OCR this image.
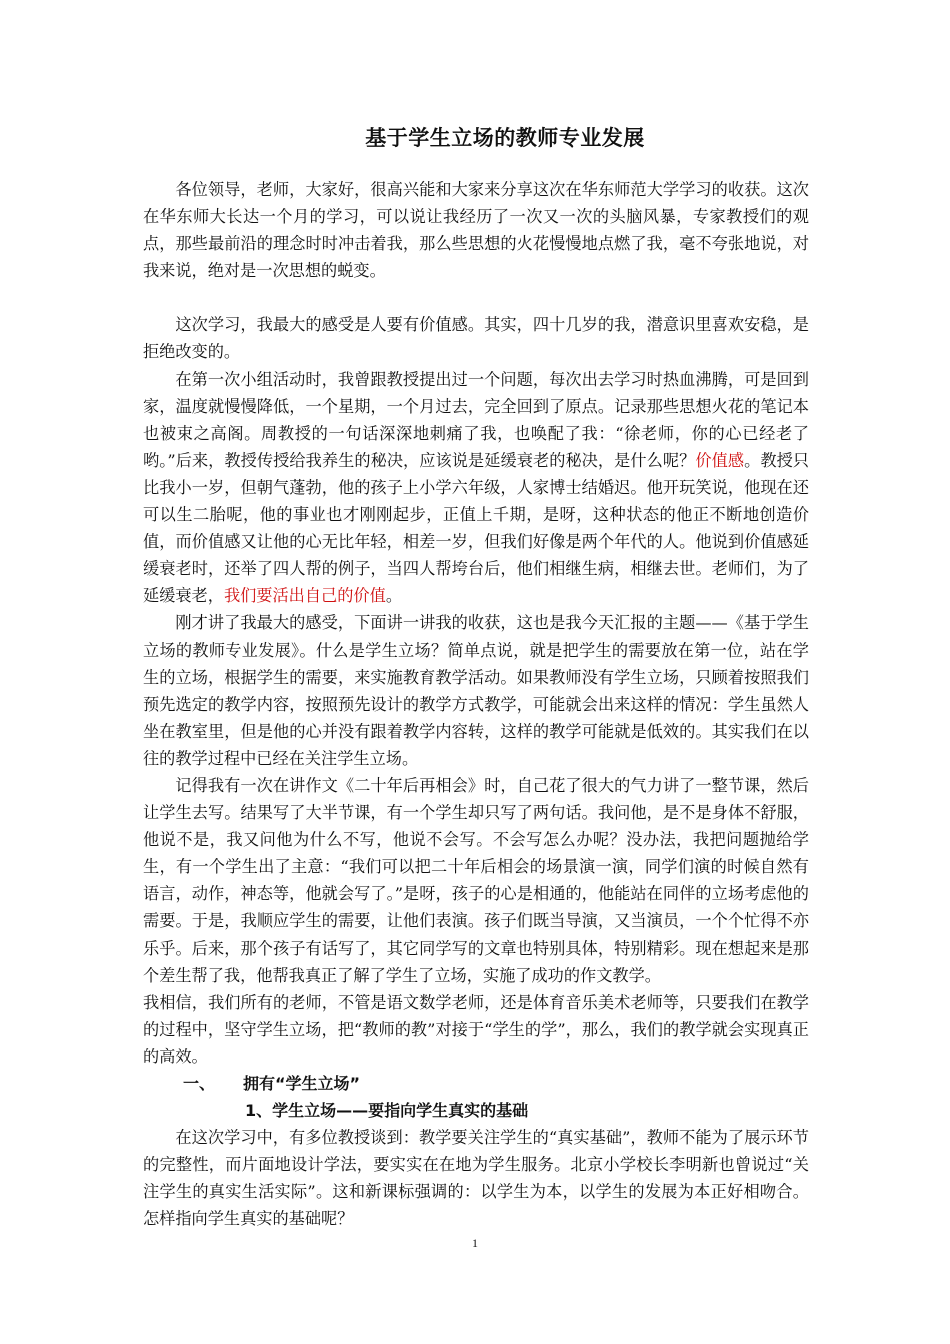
基于学生立场的教师专业发展

各位领导，老师，大家好，很高兴能和大家来分享这次在华东师范大学学习的收获。这次在华东师大长达一个月的学习，可以说让我经历了一次又一次的头脑风暴，专家教授们的观点，那些最前沿的理念时时冲击着我，那么些思想的火花慢慢地点燃了我，毫不夸张地说，对我来说，绝对是一次思想的蜕变。

这次学习，我最大的感受是人要有价值感。其实，四十几岁的我，潜意识里喜欢安稳，是拒绝改变的。

在第一次小组活动时，我曾跟教授提出过一个问题，每次出去学习时热血沸腾，可是回到家，温度就慢慢降低，一个星期，一个月过去，完全回到了原点。记录那些思想火花的笔记本也被束之高阁。周教授的一句话深深地刺痛了我，也唤配了我：“徐老师，你的心已经老了哟。”后来，教授传授给我养生的秘决，应该说是延缓衰老的秘决，是什么呢？价值感。教授只比我小一岁，但朝气蓬勃，他的孩子上小学六年级，人家博士结婚迟。他开玩笑说，他现在还可以生二胎呢，他的事业也才刚刚起步，正值上千期，是呀，这种状态的他正不断地创造价值，而价值感又让他的心无比年轻，相差一岁，但我们好像是两个年代的人。他说到价值感延缓衰老时，还举了四人帮的例子，当四人帮垮台后，他们相继生病，相继去世。老师们，为了延缓衰老，我们要活出自己的价值。

刚才讲了我最大的感受，下面讲一讲我的收获，这也是我今天汇报的主题——《基于学生立场的教师专业发展》。什么是学生立场？简单点说，就是把学生的需要放在第一位，站在学生的立场，根据学生的需要，来实施教育教学活动。如果教师没有学生立场，只顾着按照我们预先选定的教学内容，按照预先设计的教学方式教学，可能就会出来这样的情况：学生虽然人坐在教室里，但是他的心并没有跟着教学内容转，这样的教学可能就是低效的。其实我们在以往的教学过程中已经在关注学生立场。

记得我有一次在讲作文《二十年后再相会》时，自己花了很大的气力讲了一整节课，然后让学生去写。结果写了大半节课，有一个学生却只写了两句话。我问他，是不是身体不舒服，他说不是，我又问他为什么不写，他说不会写。不会写怎么办呢？没办法，我把问题抛给学生，有一个学生出了主意：“我们可以把二十年后相会的场景演一演，同学们演的时候自然有语言，动作，神态等，他就会写了。”是呀，孩子的心是相通的，他能站在同伴的立场考虑他的需要。于是，我顺应学生的需要，让他们表演。孩子们既当导演，又当演员，一个个忙得不亦乐乎。后来，那个孩子有话写了，其它同学写的文章也特别具体，特别精彩。现在想起来是那个差生帮了我，他帮我真正了解了学生了立场，实施了成功的作文教学。

我相信，我们所有的老师，不管是语文数学老师，还是体育音乐美术老师等，只要我们在教学的过程中，坚守学生立场，把“教师的教”对接于“学生的学”，那么，我们的教学就会实现真正的高效。

一、 拥有“学生立场”

1、学生立场——要指向学生真实的基础

在这次学习中，有多位教授谈到：教学要关注学生的“真实基础”，教师不能为了展示环节的完整性，而片面地设计学法，要实实在在地为学生服务。北京小学校长李明新也曾说过“关注学生的真实生活实际”。这和新课标强调的：以学生为本，以学生的发展为本正好相吻合。怎样指向学生真实的基础呢？

1
